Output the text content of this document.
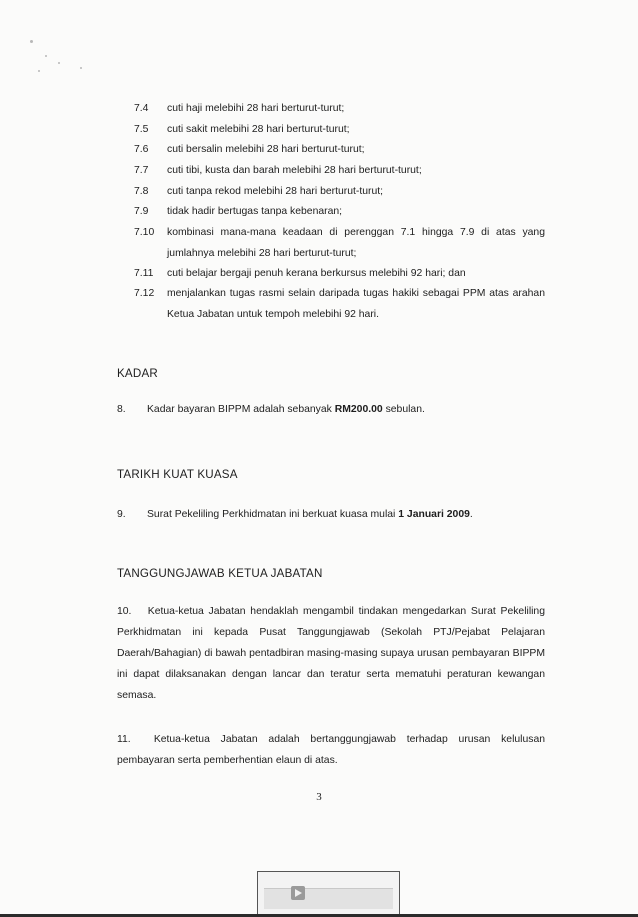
7.4	cuti haji melebihi 28 hari berturut-turut;
7.5	cuti sakit melebihi 28 hari berturut-turut;
7.6	cuti bersalin melebihi 28 hari berturut-turut;
7.7	cuti tibi, kusta dan barah melebihi 28 hari berturut-turut;
7.8	cuti tanpa rekod melebihi 28 hari berturut-turut;
7.9	tidak hadir bertugas tanpa kebenaran;
7.10	kombinasi mana-mana keadaan di perenggan 7.1 hingga 7.9 di atas yang jumlahnya melebihi 28 hari berturut-turut;
7.11	cuti belajar bergaji penuh kerana berkursus melebihi 92 hari; dan
7.12	menjalankan tugas rasmi selain daripada tugas hakiki sebagai PPM atas arahan Ketua Jabatan untuk tempoh melebihi 92 hari.
KADAR
8. Kadar bayaran BIPPM adalah sebanyak RM200.00 sebulan.
TARIKH KUAT KUASA
9. Surat Pekeliling Perkhidmatan ini berkuat kuasa mulai 1 Januari 2009.
TANGGUNGJAWAB KETUA JABATAN
10. Ketua-ketua Jabatan hendaklah mengambil tindakan mengedarkan Surat Pekeliling Perkhidmatan ini kepada Pusat Tanggungjawab (Sekolah PTJ/Pejabat Pelajaran Daerah/Bahagian) di bawah pentadbiran masing-masing supaya urusan pembayaran BIPPM ini dapat dilaksanakan dengan lancar dan teratur serta mematuhi peraturan kewangan semasa.
11. Ketua-ketua Jabatan adalah bertanggungjawab terhadap urusan kelulusan pembayaran serta pemberhentian elaun di atas.
3
